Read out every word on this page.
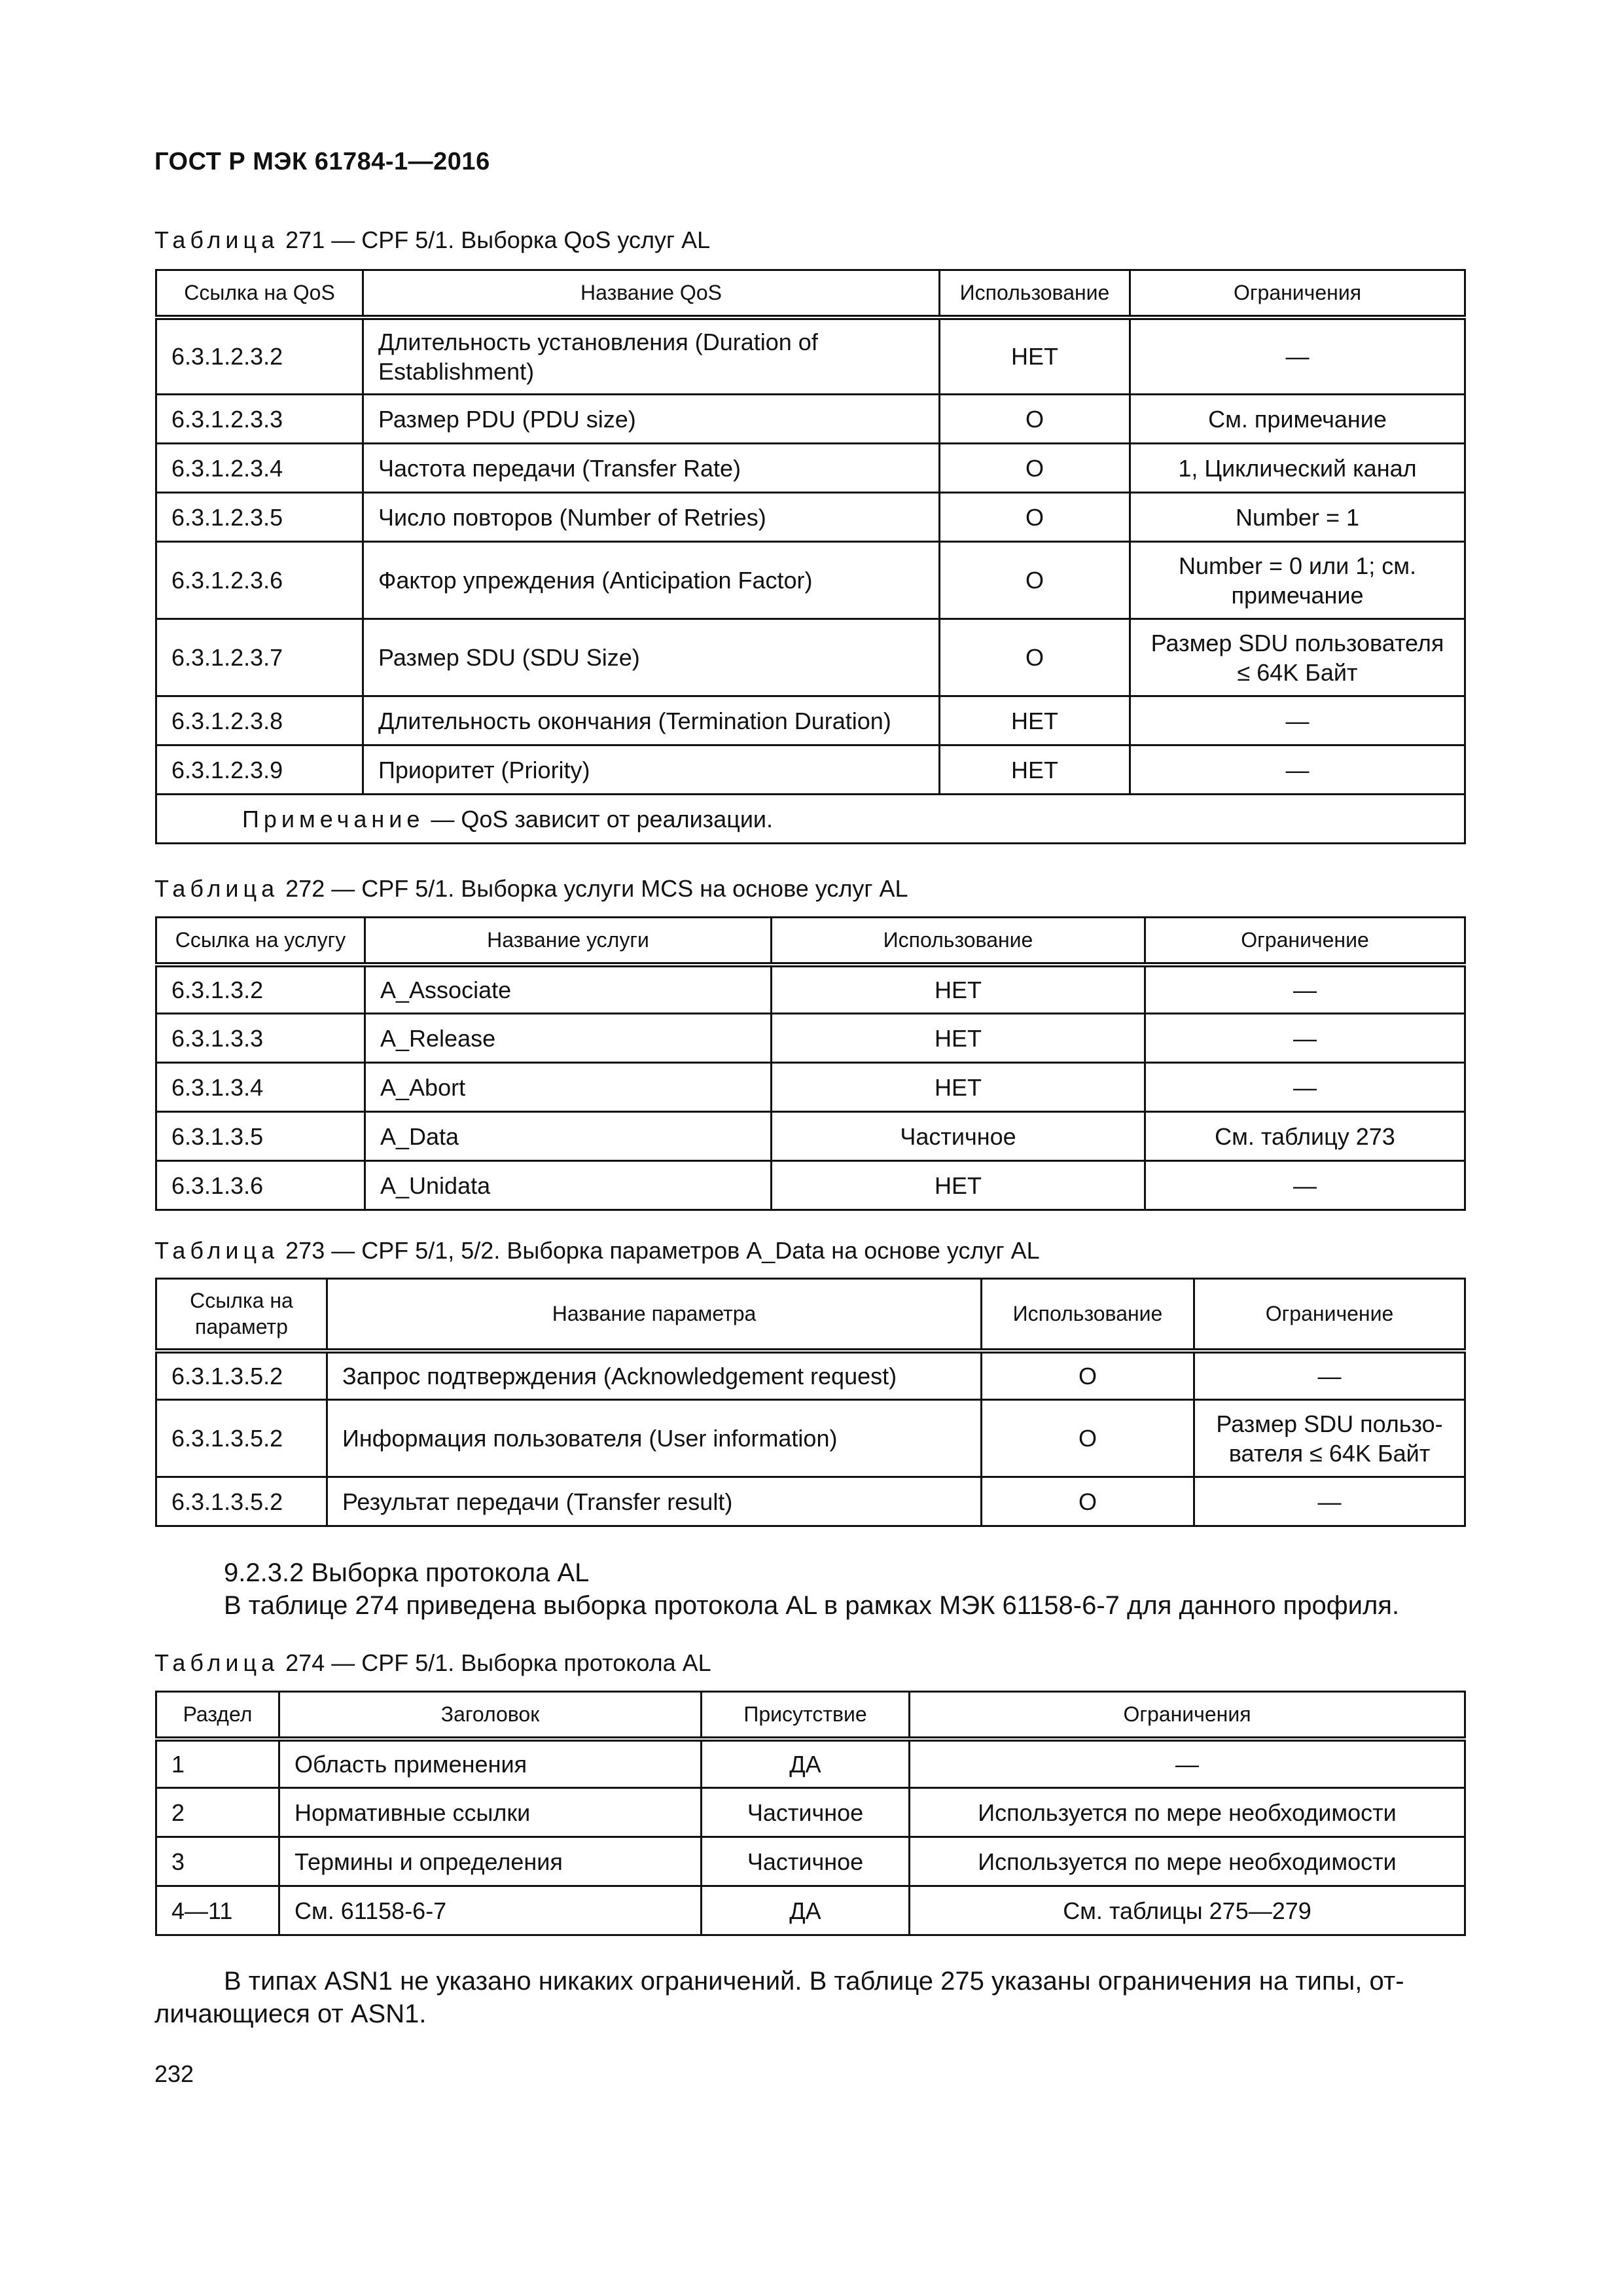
ГОСТ Р МЭК 61784-1—2016
Таблица 271 — CPF 5/1. Выборка QoS услуг AL
Ссылка на QoS	Название QoS	Использование	Ограничения
6.3.1.2.3.2	Длительность установления (Duration of Establishment)	НЕТ	—
6.3.1.2.3.3	Размер PDU (PDU size)	О	См. примечание
6.3.1.2.3.4	Частота передачи (Transfer Rate)	О	1, Циклический канал
6.3.1.2.3.5	Число повторов (Number of Retries)	О	Number = 1
6.3.1.2.3.6	Фактор упреждения (Anticipation Factor)	О	Number = 0 или 1; см. примечание
6.3.1.2.3.7	Размер SDU (SDU Size)	О	Размер SDU пользователя ≤ 64K Байт
6.3.1.2.3.8	Длительность окончания (Termination Duration)	НЕТ	—
6.3.1.2.3.9	Приоритет (Priority)	НЕТ	—
Примечание — QoS зависит от реализации.			
Таблица 272 — CPF 5/1. Выборка услуги MCS на основе услуг AL
Ссылка на услугу	Название услуги	Использование	Ограничение
6.3.1.3.2	A_Associate	НЕТ	—
6.3.1.3.3	A_Release	НЕТ	—
6.3.1.3.4	A_Abort	НЕТ	—
6.3.1.3.5	A_Data	Частичное	См. таблицу 273
6.3.1.3.6	A_Unidata	НЕТ	—
Таблица 273 — CPF 5/1, 5/2. Выборка параметров A_Data на основе услуг AL
Ссылка на параметр	Название параметра	Использование	Ограничение
6.3.1.3.5.2	Запрос подтверждения (Acknowledgement request)	О	—
6.3.1.3.5.2	Информация пользователя (User information)	О	Размер SDU пользо-вателя ≤ 64K Байт
6.3.1.3.5.2	Результат передачи (Transfer result)	О	—
9.2.3.2 Выборка протокола AL
В таблице 274 приведена выборка протокола AL в рамках МЭК 61158-6-7 для данного профиля.
Таблица 274 — CPF 5/1. Выборка протокола AL
Раздел	Заголовок	Присутствие	Ограничения
1	Область применения	ДА	—
2	Нормативные ссылки	Частичное	Используется по мере необходимости
3	Термины и определения	Частичное	Используется по мере необходимости
4—11	См. 61158-6-7	ДА	См. таблицы 275—279
В типах ASN1 не указано никаких ограничений. В таблице 275 указаны ограничения на типы, от-
личающиеся от ASN1.
232
